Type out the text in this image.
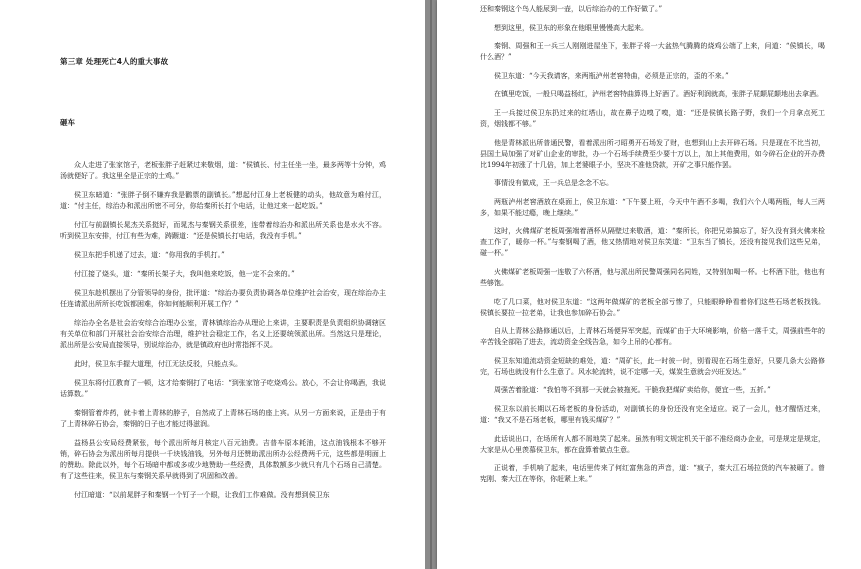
第三章 处理死亡4人的重大事故
砸车

众人走进了张家馆子，老板张胖子赶紧过来敬烟，道：“侯镇长、付主任坐一坐，最多两等十分钟，鸡汤就便好了。我这里全是正宗的土鸡。”

侯卫东暗道：“张胖子倒不嫌弃我是鹳票的副镇长。”想起付江身上老板健的动头，他故意为难付江，道：“付主任，综治办和派出所密不可分，你给秦所长打个电话，让他过来一起吃饭。”

付江与前副镇长晁杰关系挺好，而晁杰与秦钢关系很差，连带着综治办和派出所关系也是水火不容。听到侯卫东安排，付江有些为难，踌蹰道：“还是侯镇长打电话，我没有手机。”

侯卫东把手机递了过去，道：“你用我的手机打。”

付江接了烧头，道：“秦所长架子大，我叫他来吃饭，他一定不会来的。”

侯卫东趁机摆出了分管领导的身份，批评道：“综治办要负责协调各单位维护社会治安，现在综治办主任连请派出所所长吃饭都困难，你如何能顺利开展工作？”

综治办全名是社会治安综合治理办公室，青林镇综治办从理论上来讲，主要职责是负责组织协调辖区有关单位和部门开展社会治安综合治理，维护社会稳定工作，名义上还要统领派出所。当然这只是理论，派出所是公安局直接领导，别说综治办，就是镇政府也时常指挥不灵。

此时，侯卫东手握大道理，付江无法反驳，只能点头。

侯卫东将付江教育了一顿，这才给秦钢打了电话：“到张家馆子吃烧鸡公。放心，不会让你喝酒，我说话算数。”

秦钢管着炸药，就卡着上青林的脖子，自然成了上青林石场的座上宾。从另一方面来说，正是由于有了上青林碎石协会，秦钢的日子也才能过得滋润。

益杨县公安局经费紧张，每个派出所每月核定八百元油费。吉普车原本耗油，这点油钱根本不够开销，碎石协会为派出所每月提供一千块钱油钱，另外每月还赞助派出所办公经费两千元，这些都是明面上的赞助。除此以外，每个石场暗中都或多或少地赞助一些经费，具体数额多少就只有几个石场自己清楚。有了这些往来，侯卫东与秦钢关系早就得到了巩固和改善。

付江暗道：“以前晁胖子和秦钢一个钉子一个眼，让我们工作难做。没有想到侯卫东

还和秦钢这个鸟人能尿到一壶，以后综治办的工作好做了。”

想到这里，侯卫东的形象在他眼里慢慢高大起来。

秦钢、周强和王一兵三人刚刚进屋坐下，张胖子将一大盆热气腾腾的烧鸡公端了上来，问道：“侯镇长，喝什么酒？”

侯卫东道：“今天我请客，来两瓶泸州老窖特曲，必须是正宗的，歪的不来。”

在镇里吃饭，一般只喝益杨红，泸州老窖特曲算得上好酒了。酒好利润就高，张胖子屁颠屁颠地出去拿酒。

王一兵接过侯卫东扔过来的红塔山，故在鼻子边嗅了嗅，道：“还是侯镇长路子野，我们一个月拿点死工资，烟钱都不够。”

他是青林派出所普通民警，看着派出所刁昭勇开石场发了财，也想到山上去开碎石场。只是现在不比当初，县国土局加强了对矿山企业的审批，办一个石场手续费至少要十万以上，加上其他费用，如今碎石企业的开办费比1994年初涨了十几倍，加上老婆眼子小，坚决不准他贷款，开矿之事只能作罢。

事情没有做成，王一兵总是念念不忘。

两瓶泸州老窖酒放在桌面上，侯卫东道：“下午要上班，今天中午酒不多喝，我们六个人喝两瓶，每人三两多，如果不能过瘾，晚上继续。”

这时，火佛煤矿老板周强端着酒杯从隔壁过来敬酒，道：“秦所长，你把兄弟搞忘了，好久没有到火佛来检查工作了，暖你一杯。”与秦钢喝了酒，他又热情地对侯卫东笑道：“卫东当了镇长，还没有接见我们这些兄弟，碰一杯。”

火佛煤矿老板周强一连敬了六杯酒，他与派出所民警周强同名同姓，又特别加喝一杯。七杯酒下肚，他也有些够饱。

吃了几口菜，他对侯卫东道：“这两年做煤矿的老板全部亏惨了，只能眼睁睁看着你们这些石场老板找钱。侯镇长要拉一拉老弟，让我也参加碎石协会。”

自从上青林公路修通以后，上青林石场便异军突起，而煤矿由于大环境影响，价格一落千丈，周强前些年的辛苦钱全部陷了进去，流动资金全线告急，如今上吊的心都有。

侯卫东知道流动资金短缺的难处，道：“周矿长，此一时彼一时，别看现在石场生意好，只要几条大公路修完，石场也就没有什么生意了。风水轮流转，说不定哪一天，煤炭生意就会兴旺发达。”

周强苦着脸道：“我怕等不到那一天就会被拖死。干脆我把煤矿卖给你，便宜一些，五折。”

侯卫东以前长期以石场老板的身份活动，对副镇长的身份还没有完全适应。说了一会儿，他才醒悟过来，道：“我又不是石场老板，哪里有钱买煤矿？”

此话说出口，在场所有人都不屑地笑了起来。虽然有明文规定机关干部不准经商办企业，可是规定是规定，大家是从心里羡慕侯卫东，都在盘算着做点生意。

正说着，手机响了起来，电话里传来了何红富焦急的声音，道：“疯子，秦大江石场拉货的汽车被砸了。曾宪刚、秦大江在等你，你赶紧上来。”
